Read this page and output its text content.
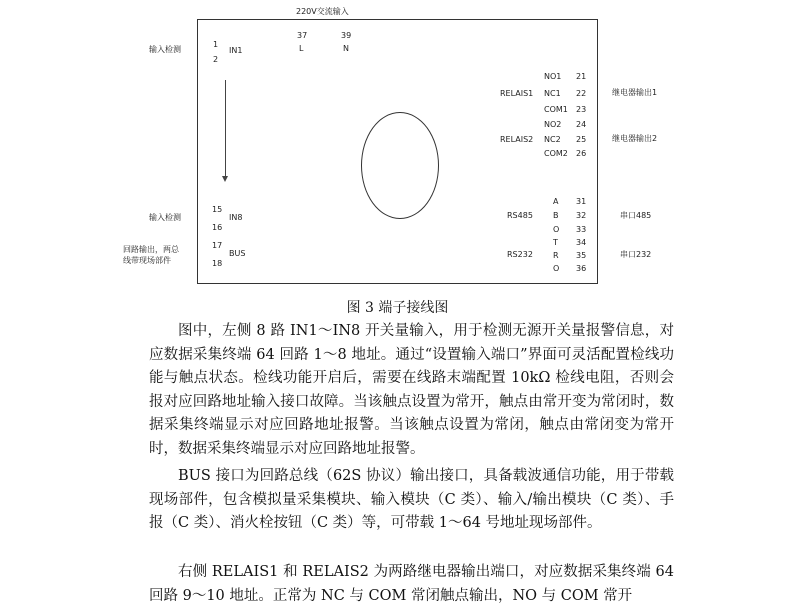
220V交流输入
37	39
L	N
输入检测
1
IN1
2
输入检测
15
IN8
16
回路输出，两总
线带现场部件
17
BUS
18
RELAIS1
NO1
NC1
COM1
21
22
23
继电器输出1
RELAIS2
NO2
NC2
COM2
24
25
26
继电器输出2
RS485
A
B
O
31
32
33
串口485
RS232
T
R
O
34
35
36
串口232
图 3 端子接线图

图中，左侧 8 路 IN1～IN8 开关量输入，用于检测无源开关量报警信息，对应数据采集终端 64 回路 1～8 地址。通过“设置输入端口”界面可灵活配置检线功能与触点状态。检线功能开启后，需要在线路末端配置 10kΩ 检线电阻，否则会报对应回路地址输入接口故障。当该触点设置为常开，触点由常开变为常闭时，数据采集终端显示对应回路地址报警。当该触点设置为常闭，触点由常闭变为常开时，数据采集终端显示对应回路地址报警。

BUS 接口为回路总线（62S 协议）输出接口，具备载波通信功能，用于带载现场部件，包含模拟量采集模块、输入模块（C 类）、输入/输出模块（C 类）、手报（C 类）、消火栓按钮（C 类）等，可带载 1～64 号地址现场部件。

右侧 RELAIS1 和 RELAIS2 为两路继电器输出端口，对应数据采集终端 64 回路 9～10 地址。正常为 NC 与 COM 常闭触点输出，NO 与 COM 常开
